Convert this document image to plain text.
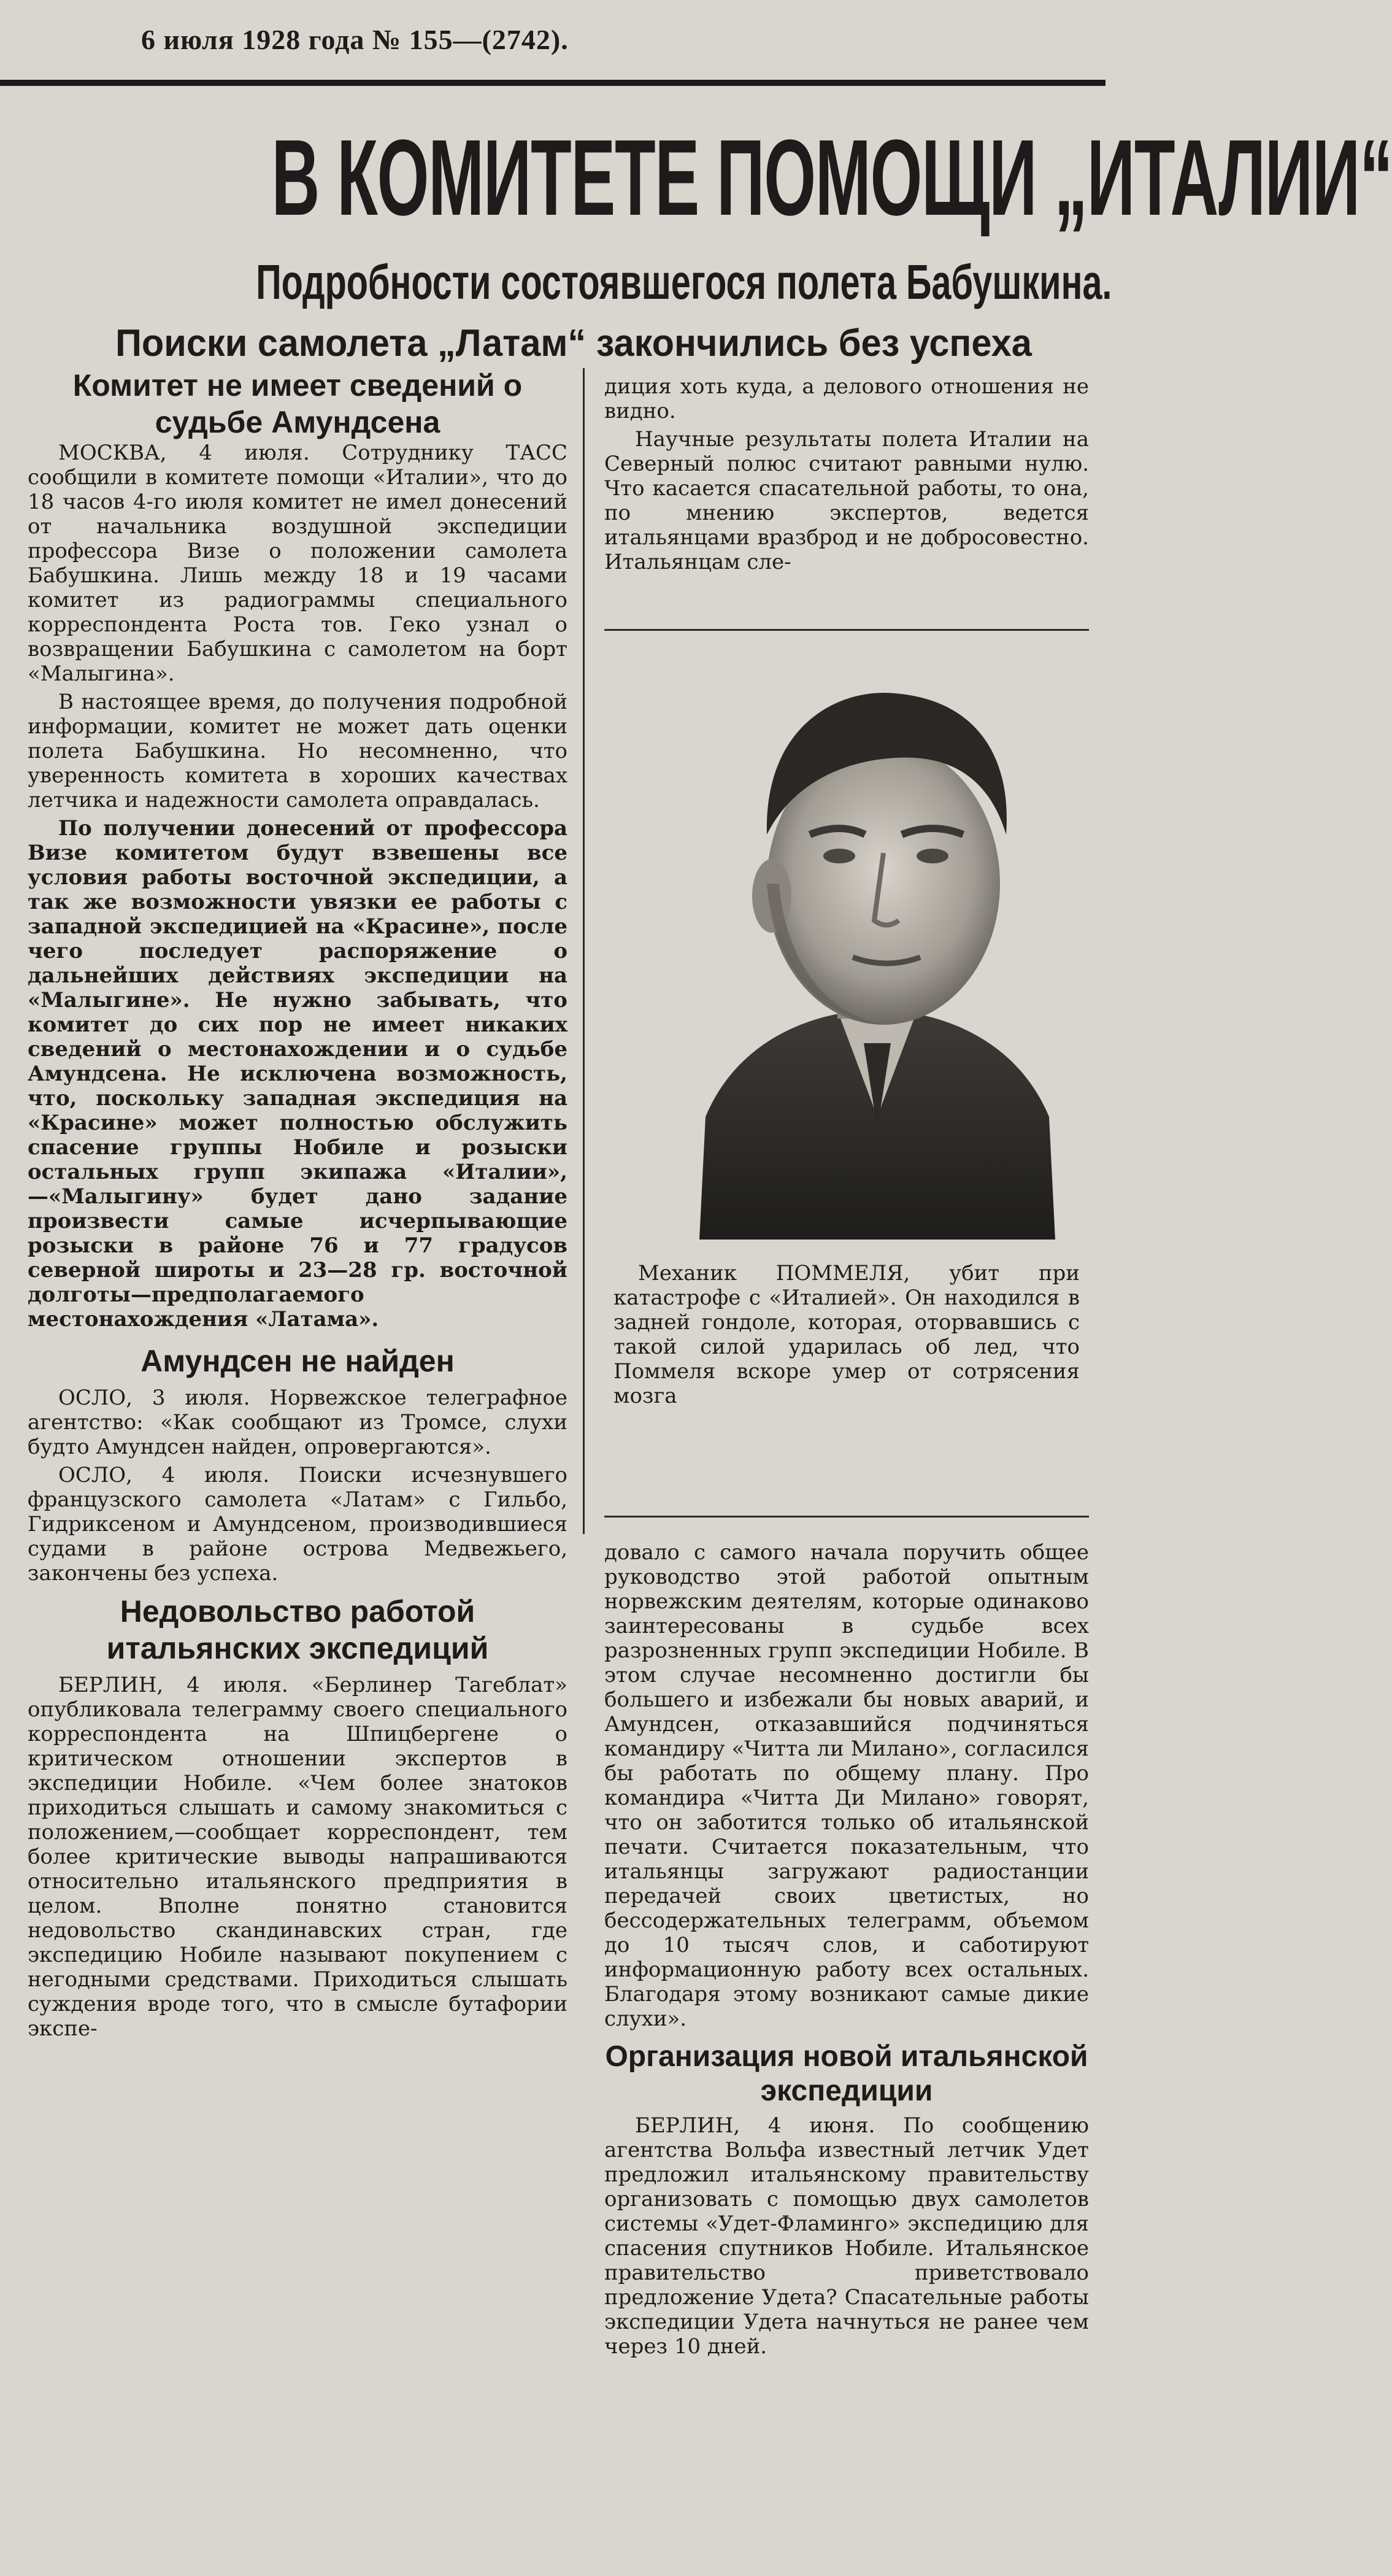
6 июля 1928 года № 155—(2742).
В КОМИТЕТЕ ПОМОЩИ „ИТАЛИИ“
Подробности состоявшегося полета Бабушкина.
Поиски самолета „Латам“ закончились без успеха

Комитет не имеет сведений о судьбе Амундсена

МОСКВА, 4 июля. Сотруднику ТАСС сообщили в комитете помощи «Италии», что до 18 часов 4-го июля комитет не имел донесений от начальника воздушной экспедиции профессора Визе о положении самолета Бабушкина. Лишь между 18 и 19 часами комитет из радиограммы специального корреспондента Роста тов. Геко узнал о возвращении Бабушкина с самолетом на борт «Малыгина».

В настоящее время, до получения подробной информации, комитет не может дать оценки полета Бабушкина. Но несомненно, что уверенность комитета в хороших качествах летчика и надежности самолета оправдалась.

По получении донесений от профессора Визе комитетом будут взвешены все условия работы восточной экспедиции, а так же возможности увязки ее работы с западной экспедицией на «Красине», после чего последует распоряжение о дальнейших действиях экспедиции на «Малыгине». Не нужно забывать, что комитет до сих пор не имеет никаких сведений о местонахождении и о судьбе Амундсена. Не исключена возможность, что, поскольку западная экспедиция на «Красине» может полностью обслужить спасение группы Нобиле и розыски остальных групп экипажа «Италии», —«Малыгину» будет дано задание произвести самые исчерпывающие розыски в районе 76 и 77 градусов северной широты и 23—28 гр. восточной долготы—предполагаемого местонахождения «Латама».

Амундсен не найден

ОСЛО, 3 июля. Норвежское телеграфное агентство: «Как сообщают из Тромсе, слухи будто Амундсен найден, опровергаются».

ОСЛО, 4 июля. Поиски исчезнувшего французского самолета «Латам» с Гильбо, Гидриксеном и Амундсеном, производившиеся судами в районе острова Медвежьего, закончены без успеха.

Недовольство работой итальянских экспедиций

БЕРЛИН, 4 июля. «Берлинер Тагеблат» опубликовала телеграмму своего специального корреспондента на Шпицбергене о критическом отношении экспертов в экспедиции Нобиле. «Чем более знатоков приходиться слышать и самому знакомиться с положением,—сообщает корреспондент, тем более критические выводы напрашиваются относительно итальянского предприятия в целом. Вполне понятно становится недовольство скандинавских стран, где экспедицию Нобиле называют покупением с негодными средствами. Приходиться слышать суждения вроде того, что в смысле бутафории экспе-

диция хоть куда, а делового отношения не видно.

Научные результаты полета Италии на Северный полюс считают равными нулю. Что касается спасательной работы, то она, по мнению экспертов, ведется итальянцами вразброд и не добросовестно. Итальянцам сле-

Механик ПОММЕЛЯ, убит при катастрофе с «Италией». Он находился в задней гондоле, которая, оторвавшись с такой силой ударилась об лед, что Поммеля вскоре умер от сотрясения мозга

довало с самого начала поручить общее руководство этой работой опытным норвежским деятелям, которые одинаково заинтересованы в судьбе всех разрозненных групп экспедиции Нобиле. В этом случае несомненно достигли бы большего и избежали бы новых аварий, и Амундсен, отказавшийся подчиняться командиру «Читта ли Милано», согласился бы работать по общему плану. Про командира «Читта Ди Милано» говорят, что он заботится только об итальянской печати. Считается показательным, что итальянцы загружают радиостанции передачей своих цветистых, но бессодержательных телеграмм, объемом до 10 тысяч слов, и саботируют информационную работу всех остальных. Благодаря этому возникают самые дикие слухи».

Организация новой итальянской экспедиции

БЕРЛИН, 4 июня. По сообщению агентства Вольфа известный летчик Удет предложил итальянскому правительству организовать с помощью двух самолетов системы «Удет-Фламинго» экспедицию для спасения спутников Нобиле. Итальянское правительство приветствовало предложение Удета? Спасательные работы экспедиции Удета начнуться не ранее чем через 10 дней.
